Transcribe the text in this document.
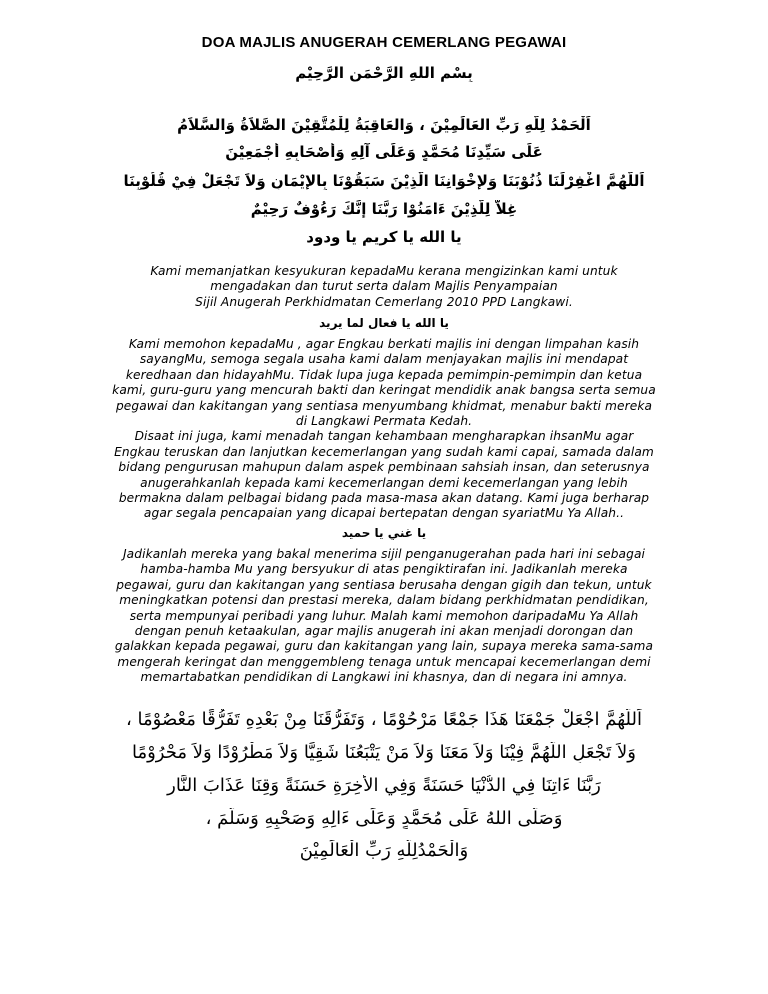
DOA MAJLIS ANUGERAH CEMERLANG PEGAWAI
بِسْمِ اللهِ الرَّحْمَنِ الرَّحِيْمِ
اَلْحَمْدُ لِلّهِ رَبِّ العَالَمِيْنَ ، وَالعَاقِبَةُ لِلْمُتَّقِيْنَ الصَّلاَةُ وَالسَّلاَمُ
عَلَى سَيِّدِنَا مُحَمَّدٍ وَعَلَى آلِهِ وَأَصْحَابِهِ أَجْمَعِيْنَ
اَللَّهُمَّ اغْفِرْلَنَا ذُنُوْبَنَا وَلإِخْوَانِنَا الَّذِيْنَ سَبَقُوْنَا بِالإِيْمَانِ وَلاَ تَجْعَلْ فِيْ قُلُوْبِنَا
غِلاًّ لِلَّذِيْنَ ءَامَنُوْا رَبَّنَا إِنَّكَ رَءُوْفٌ رَحِيْمٌ
يا الله يا كريم يا ودود
Kami memanjatkan kesyukuran kepadaMu kerana mengizinkan kami untuk
mengadakan dan turut serta dalam Majlis Penyampaian
Sijil Anugerah Perkhidmatan Cemerlang 2010 PPD Langkawi.
يا الله يا فعال لما يريد
Kami memohon kepadaMu , agar Engkau berkati majlis ini dengan limpahan kasih
sayangMu, semoga segala usaha kami dalam menjayakan majlis ini mendapat
keredhaan dan hidayahMu. Tidak lupa juga kepada pemimpin-pemimpin dan ketua
kami, guru-guru yang mencurah bakti dan keringat mendidik anak bangsa serta semua
pegawai dan kakitangan yang sentiasa menyumbang khidmat, menabur bakti mereka
di Langkawi Permata Kedah.
Disaat ini juga, kami menadah tangan kehambaan mengharapkan ihsanMu agar
Engkau teruskan dan lanjutkan kecemerlangan yang sudah kami capai, samada dalam
bidang pengurusan mahupun dalam aspek pembinaan sahsiah insan, dan seterusnya
anugerahkanlah kepada kami kecemerlangan demi kecemerlangan yang lebih
bermakna dalam pelbagai bidang pada masa-masa akan datang. Kami juga berharap
agar segala pencapaian yang dicapai bertepatan dengan syariatMu Ya Allah..
يا غني يا حميد
Jadikanlah mereka yang bakal menerima sijil penganugerahan pada hari ini sebagai
hamba-hamba Mu yang bersyukur di atas pengiktirafan ini. Jadikanlah mereka
pegawai, guru dan kakitangan yang sentiasa berusaha dengan gigih dan tekun, untuk
meningkatkan potensi dan prestasi mereka, dalam bidang perkhidmatan pendidikan,
serta mempunyai peribadi yang luhur. Malah kami memohon daripadaMu Ya Allah
dengan penuh ketaakulan, agar majlis anugerah ini akan menjadi dorongan dan
galakkan kepada pegawai, guru dan kakitangan yang lain, supaya mereka sama-sama
mengerah keringat dan menggembleng tenaga untuk mencapai kecemerlangan demi
memartabatkan pendidikan di Langkawi ini khasnya, dan di negara ini amnya.
اَللَّهُمَّ اجْعَلْ جَمْعَنَا هَذَا جَمْعًا مَرْحُوْمًا ، وَتَفَرُّقَنَا مِنْ بَعْدِهِ تَفَرُّقًا مَعْصُوْمًا ،
وَلاَ تَجْعَلِ اللَّهُمَّ فِيْنَا وَلاَ مَعَنَا وَلاَ مَنْ يَتْبَعُنَا شَقِيًّا وَلاَ مَطْرُوْدًا وَلاَ مَحْرُوْمًا
رَبَّنَا ءَاتِنَا فِي الدُّنْيَا حَسَنَةً وَفِي الأَخِرَةِ حَسَنَةً وَقِنَا عَذَابَ النَّارِ
وَصَلَّى اللهُ عَلَى مُحَمَّدٍ وَعَلَى ءَالِهِ وَصَحْبِهِ وَسَلَّمَ ،
وَالْحَمْدُلِلَّهِ رَبِّ الْعَالَمِيْنَ
